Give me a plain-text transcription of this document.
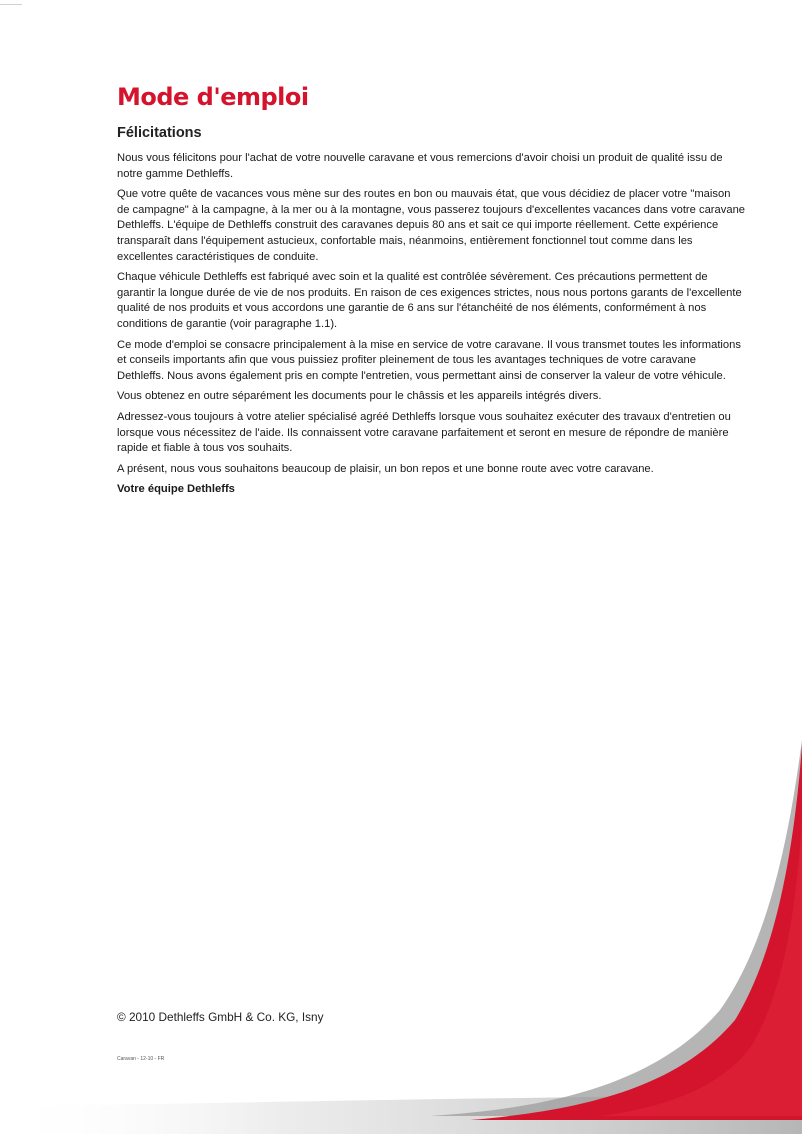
Mode d'emploi
Félicitations

Nous vous félicitons pour l'achat de votre nouvelle caravane et vous remercions d'avoir choisi un produit de qualité issu de notre gamme Dethleffs.

Que votre quête de vacances vous mène sur des routes en bon ou mauvais état, que vous décidiez de placer votre "maison de campagne" à la campagne, à la mer ou à la montagne, vous passerez toujours d'excellentes vacances dans votre caravane Dethleffs. L'équipe de Dethleffs construit des caravanes depuis 80 ans et sait ce qui importe réellement. Cette expérience transparaît dans l'équipement astucieux, confortable mais, néanmoins, entièrement fonctionnel tout comme dans les excellentes caractéristiques de conduite.

Chaque véhicule Dethleffs est fabriqué avec soin et la qualité est contrôlée sévèrement. Ces précautions permettent de garantir la longue durée de vie de nos produits. En raison de ces exigences strictes, nous nous portons garants de l'excellente qualité de nos produits et vous accordons une garantie de 6 ans sur l'étanchéité de nos éléments, conformément à nos conditions de garantie (voir paragraphe 1.1).

Ce mode d'emploi se consacre principalement à la mise en service de votre caravane. Il vous transmet toutes les informations et conseils importants afin que vous puissiez profiter pleinement de tous les avantages techniques de votre caravane Dethleffs. Nous avons également pris en compte l'entretien, vous permettant ainsi de conserver la valeur de votre véhicule.

Vous obtenez en outre séparément les documents pour le châssis et les appareils intégrés divers.

Adressez-vous toujours à votre atelier spécialisé agréé Dethleffs lorsque vous souhaitez exécuter des travaux d'entretien ou lorsque vous nécessitez de l'aide. Ils connaissent votre caravane parfaitement et seront en mesure de répondre de manière rapide et fiable à tous vos souhaits.

A présent, nous vous souhaitons beaucoup de plaisir, un bon repos et une bonne route avec votre caravane.

Votre équipe Dethleffs

© 2010 Dethleffs GmbH & Co. KG, Isny
Caravan - 12-10 - FR
